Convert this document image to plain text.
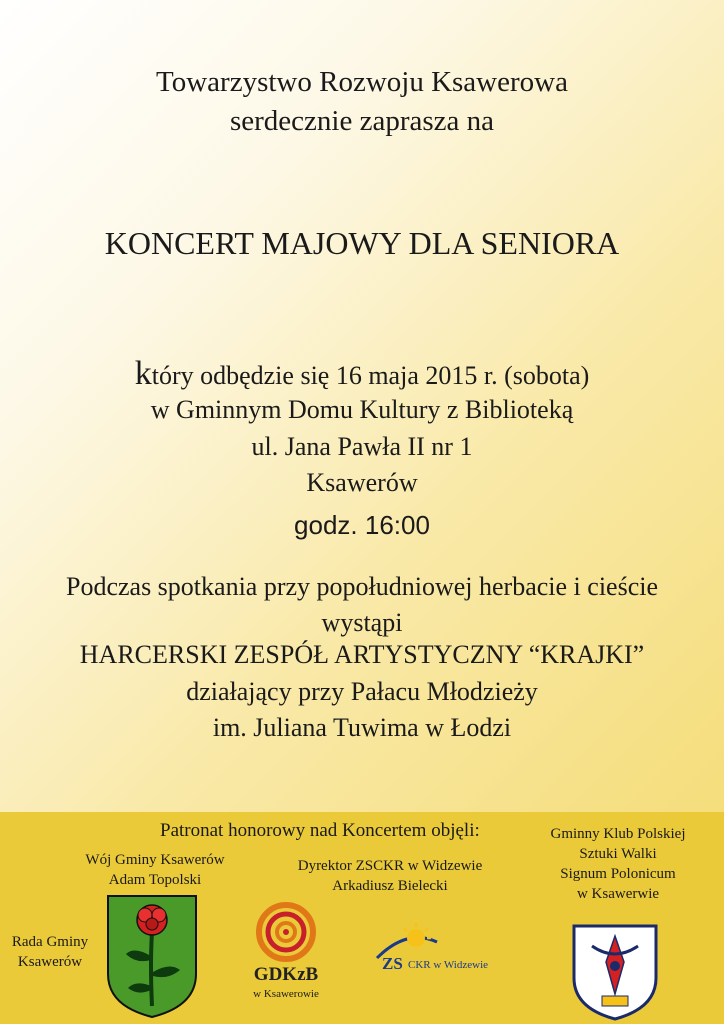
Towarzystwo Rozwoju Ksawerowa
serdecznie zaprasza na
KONCERT MAJOWY DLA SENIORA
który odbędzie się 16 maja 2015 r. (sobota)
w Gminnym Domu Kultury z Biblioteką
ul. Jana Pawła II nr 1
Ksawerów
godz. 16:00
Podczas spotkania przy popołudniowej herbacie i cieście
wystąpi
HARCERSKI ZESPÓŁ ARTYSTYCZNY “KRAJKI”
działający przy Pałacu Młodzieży
im. Juliana Tuwima w Łodzi
Patronat honorowy nad Koncertem objęli:
Wój Gminy Ksawerów
Adam Topolski
Dyrektor ZSCKR w Widzewie
Arkadiusz Bielecki
Gminny Klub Polskiej
Sztuki Walki
Signum Polonicum
w Ksawerwie
Rada Gminy
Ksawerów
GDKzB
w Ksawerowie
ZS CKR w Widzewie
